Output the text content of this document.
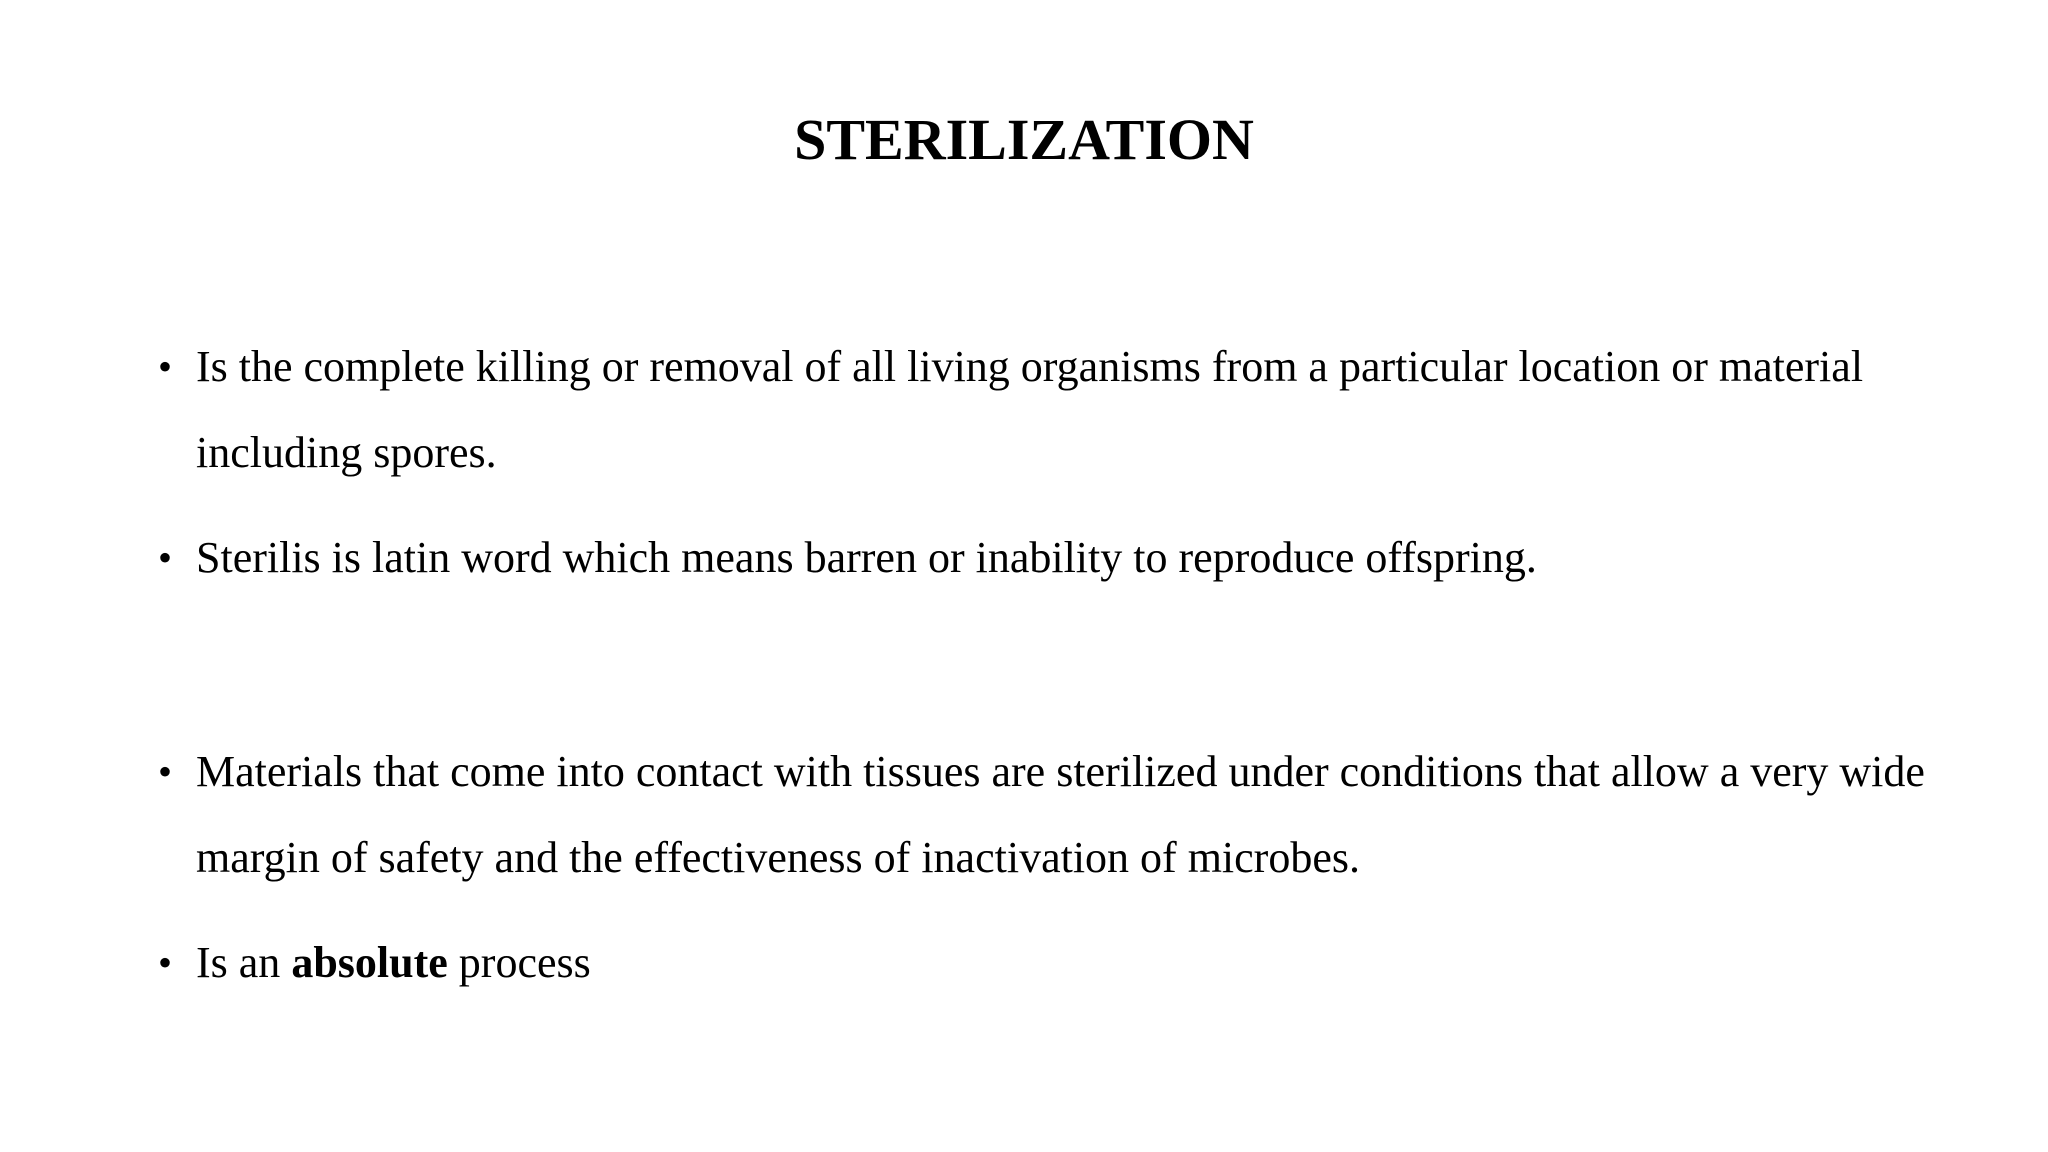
STERILIZATION
• Is the complete killing or removal of all living organisms from a particular location or material including spores.
• Sterilis is latin word which means barren or inability to reproduce offspring.
• Materials that come into contact with tissues are sterilized under conditions that allow a very wide margin of safety and the effectiveness of inactivation of microbes.
• Is an absolute process
